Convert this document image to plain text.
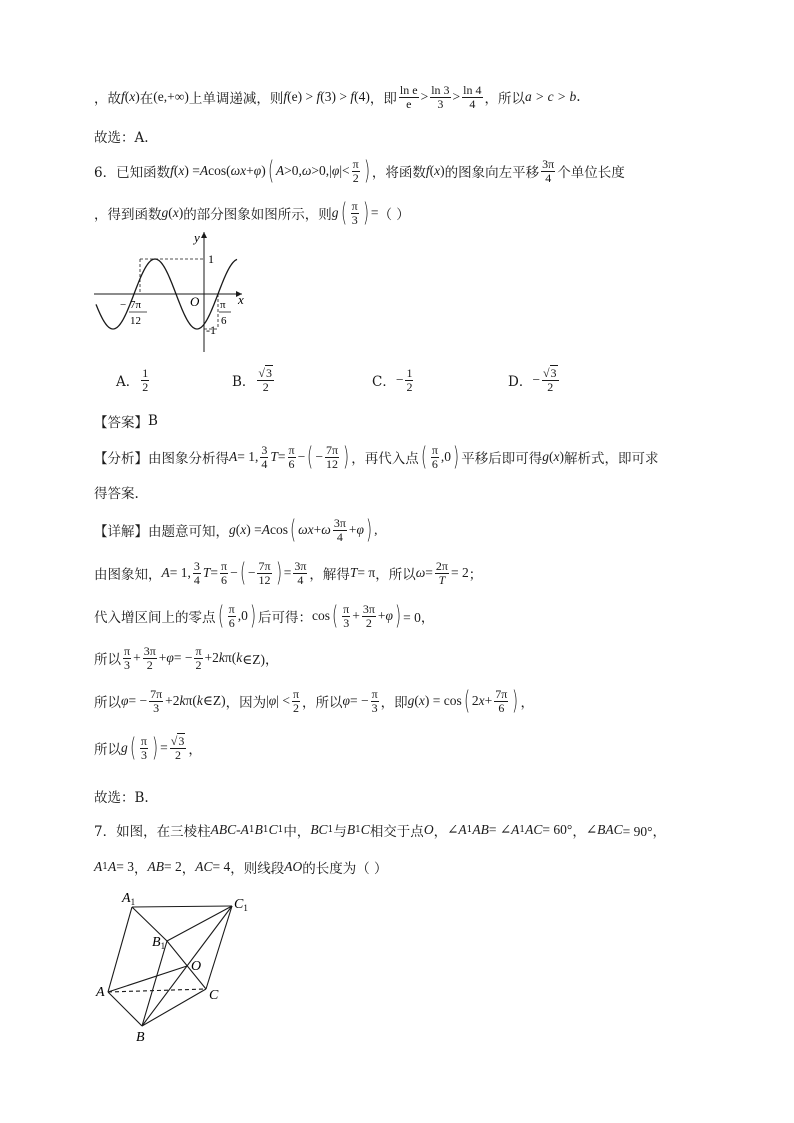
，故 f ( x ) 在 (e,+∞) 上单调递减，则 f (e) > f (3) > f (4) ，即 $\frac{\text{ln e}}{e} > \frac{\ln 3}{3} > \frac{\ln 4}{4}$ ，所以 a > c > b .
故选：A.
6．已知函数 f ( x ) = A cos( ωx + φ ) ( A >0, ω >0,| φ |< $\frac{\pi}{2}$ ) ，将函数 f ( x ) 的图象向左平移 $\frac{3\pi}{4}$ 个单位长度
，得到函数 g ( x ) 的部分图象如图所示，则 g ( $\frac{\pi}{3}$ ) = （ ）
y
x
O
1
-1
− 7π
12
π
6
A． $\frac{1}{2}$	B． $\frac{√3}{2}$	C． − $\frac{1}{2}$	D． − $\frac{√3}{2}$
【答案】 B
【分析】 由图象分析得 A = 1, $\frac{3}{4}$ $T = \frac{\pi}{6}$ − ( − $\frac{7\pi}{12}$ ) ，再代入点 ( $\frac{\pi}{6} ,0$ ) 平移后即可得 g ( x ) 解析式，即可求
得答案.
【详解】 由题意可知， g ( x ) = A cos ( ωx + ω $\frac{3\pi}{4} + \varphi$ ) ,
由图象知， A = 1, $\frac{3}{4}$ $T = \frac{\pi}{6}$ − ( − $\frac{7\pi}{12}$ ) = $\frac{3\pi}{4}$ ，解得 T = π ，所以 $\omega = \frac{2\pi}{T} = 2$ ；
代入增区间上的零点 ( $\frac{\pi}{6} ,0$ ) 后可得： cos ( $\frac{\pi}{3} + \frac{3\pi}{2} + \varphi$ ) = 0，
所以 $\frac{\pi}{3} + \frac{3\pi}{2} + \varphi$ = − $\frac{\pi}{2} +2$ k π( k ∈Z)，
所以 φ = − $\frac{7\pi}{3} +2$ k π( k ∈Z) ，因为 | φ | < $\frac{\pi}{2}$ ，所以 φ = − $\frac{\pi}{3}$ ，即 g ( x ) = cos ( 2 $x + \frac{7\pi}{6}$ ) ，
所以 g ( $\frac{\pi}{3}$ ) = $\frac{√3}{2}$ ，
故选：B.
7．如图，在三棱柱 ABC - A 1 B 1 C 1 中， BC 1 与 B 1 C 相交于点 O ， ∠ A 1 AB = ∠ A 1 AC = 60° ， ∠ BAC = 90°，
A 1 A = 3 ， AB = 2 ， AC = 4 ，则线段 AO 的长度为（ ）
$A_1$	$C_1$
$B_1$
O
A	C
B
